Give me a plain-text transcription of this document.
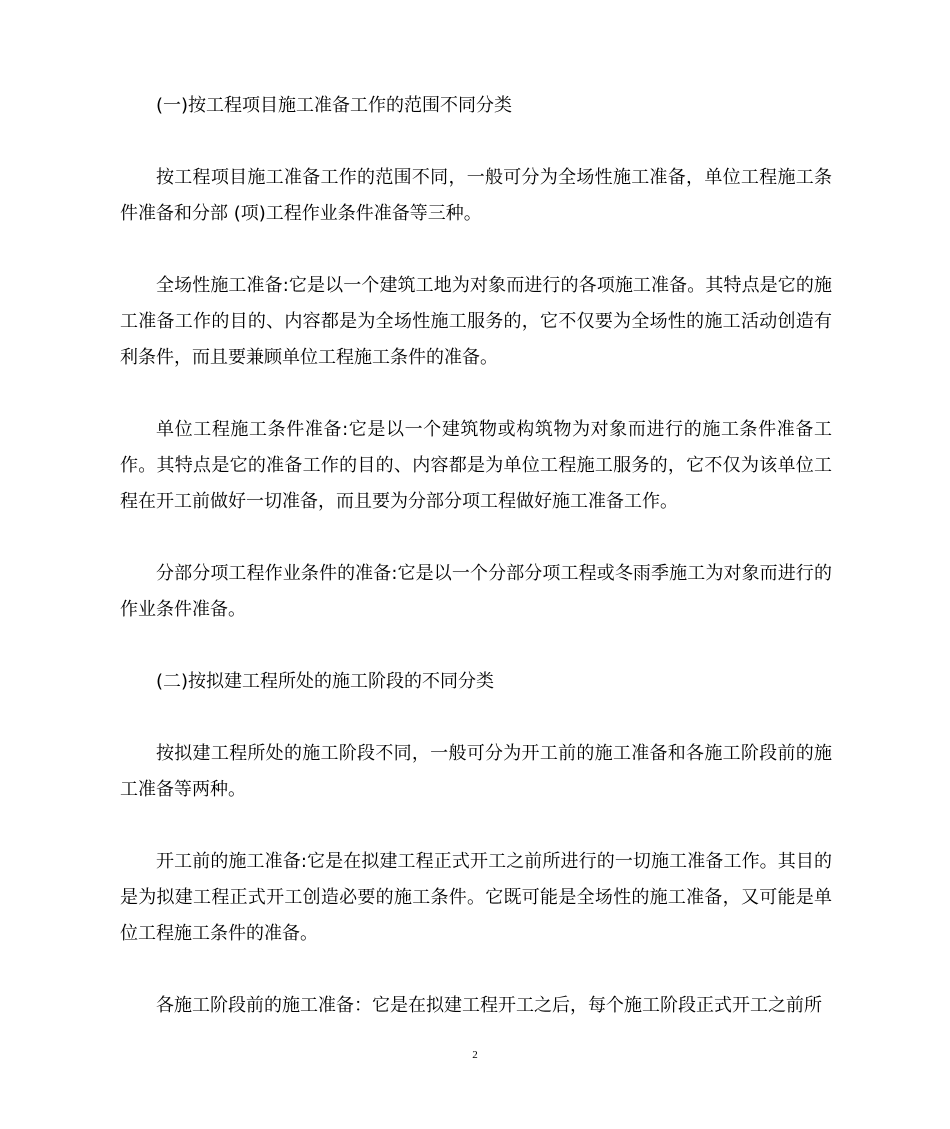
(一)按工程项目施工准备工作的范围不同分类

按工程项目施工准备工作的范围不同，一般可分为全场性施工准备，单位工程施工条件准备和分部 (项)工程作业条件准备等三种。

全场性施工准备:它是以一个建筑工地为对象而进行的各项施工准备。其特点是它的施工准备工作的目的、内容都是为全场性施工服务的，它不仅要为全场性的施工活动创造有利条件，而且要兼顾单位工程施工条件的准备。

单位工程施工条件准备:它是以一个建筑物或构筑物为对象而进行的施工条件准备工作。其特点是它的准备工作的目的、内容都是为单位工程施工服务的，它不仅为该单位工程在开工前做好一切准备，而且要为分部分项工程做好施工准备工作。

分部分项工程作业条件的准备:它是以一个分部分项工程或冬雨季施工为对象而进行的作业条件准备。

(二)按拟建工程所处的施工阶段的不同分类

按拟建工程所处的施工阶段不同，一般可分为开工前的施工准备和各施工阶段前的施工准备等两种。

开工前的施工准备:它是在拟建工程正式开工之前所进行的一切施工准备工作。其目的是为拟建工程正式开工创造必要的施工条件。它既可能是全场性的施工准备，又可能是单位工程施工条件的准备。

各施工阶段前的施工准备：它是在拟建工程开工之后，每个施工阶段正式开工之前所

2
